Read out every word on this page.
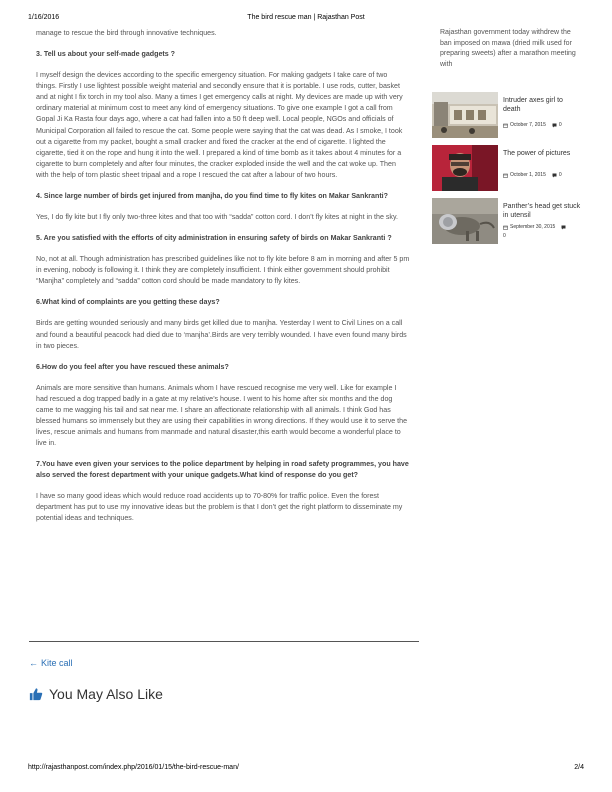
1/16/2016	The bird rescue man | Rajasthan Post

manage to rescue the bird through innovative techniques.

3. Tell us about your self-made gadgets ?

I myself design the devices according to the specific emergency situation. For making gadgets I take care of two things. Firstly I use lightest possible weight material and secondly ensure that it is portable. I use rods, cutter, basket and at night I fix torch in my tool also. Many a times I get emergency calls at night. My devices are made up with very ordinary material at minimum cost to meet any kind of emergency situations. To give one example I got a call from Gopal Ji Ka Rasta four days ago, where a cat had fallen into a 50 ft deep well. Local people, NGOs and officials of Municipal Corporation all failed to rescue the cat. Some people were saying that the cat was dead. As I smoke, I took out a cigarette from my packet, bought a small cracker and fixed the cracker at the end of cigarette. I lighted the cigarette, tied it on the rope and hung it into the well. I prepared a kind of time bomb as it takes about 4 minutes for a cigarette to burn completely and after four minutes, the cracker exploded inside the well and the cat woke up. Then with the help of torn plastic sheet tripaal and a rope I rescued the cat after a labour of two hours.

4. Since large number of birds get injured from manjha, do you find time to fly kites on Makar Sankranti?

Yes, I do fly kite but I fly only two-three kites and that too with “sadda” cotton cord. I don’t fly kites at night in the sky.

5. Are you satisfied with the efforts of city administration in ensuring safety of birds on Makar Sankranti ?

No, not at all. Though administration has prescribed guidelines like not to fly kite before 8 am in morning and after 5 pm in evening, nobody is following it. I think they are completely insufficient. I think either government should prohibit “Manjha” completely and “sadda” cotton cord should be made mandatory to fly kites.

6.What kind of complaints are you getting these days?

Birds are getting wounded seriously and many birds get killed due to manjha. Yesterday I went to Civil Lines on a call and found a beautiful peacock had died due to ‘manjha’.Birds are very terribly wounded. I have even found many birds in two pieces.

6.How do you feel after you have rescued these animals?

Animals are more sensitive than humans. Animals whom I have rescued recognise me very well. Like for example I had rescued a dog trapped badly in a gate at my relative’s house. I went to his home after six months and the dog came to me wagging his tail and sat near me. I share an affectionate relationship with all animals. I think God has blessed humans so immensely but they are using their capabilities in wrong directions. If they would use it to serve the lives, rescue animals and humans from manmade and natural disaster,this earth would become a wonderful place to live in.

7.You have even given your services to the police department by helping in road safety programmes, you have also served the forest department with your unique gadgets.What kind of response do you get?

I have so many good ideas which would reduce road accidents up to 70-80% for traffic police. Even the forest department has put to use my innovative ideas but the problem is that I don’t get the right platform to disseminate my potential ideas and techniques.

← Kite call
You May Also Like
Rajasthan government today withdrew the ban imposed on mawa (dried milk used for preparing sweets) after a marathon meeting with
Intruder axes girl to death
October 7, 2015	0
The power of pictures
October 1, 2015	0
Panther’s head get stuck in utensil
September 30, 2015
0
http://rajasthanpost.com/index.php/2016/01/15/the-bird-rescue-man/	2/4
